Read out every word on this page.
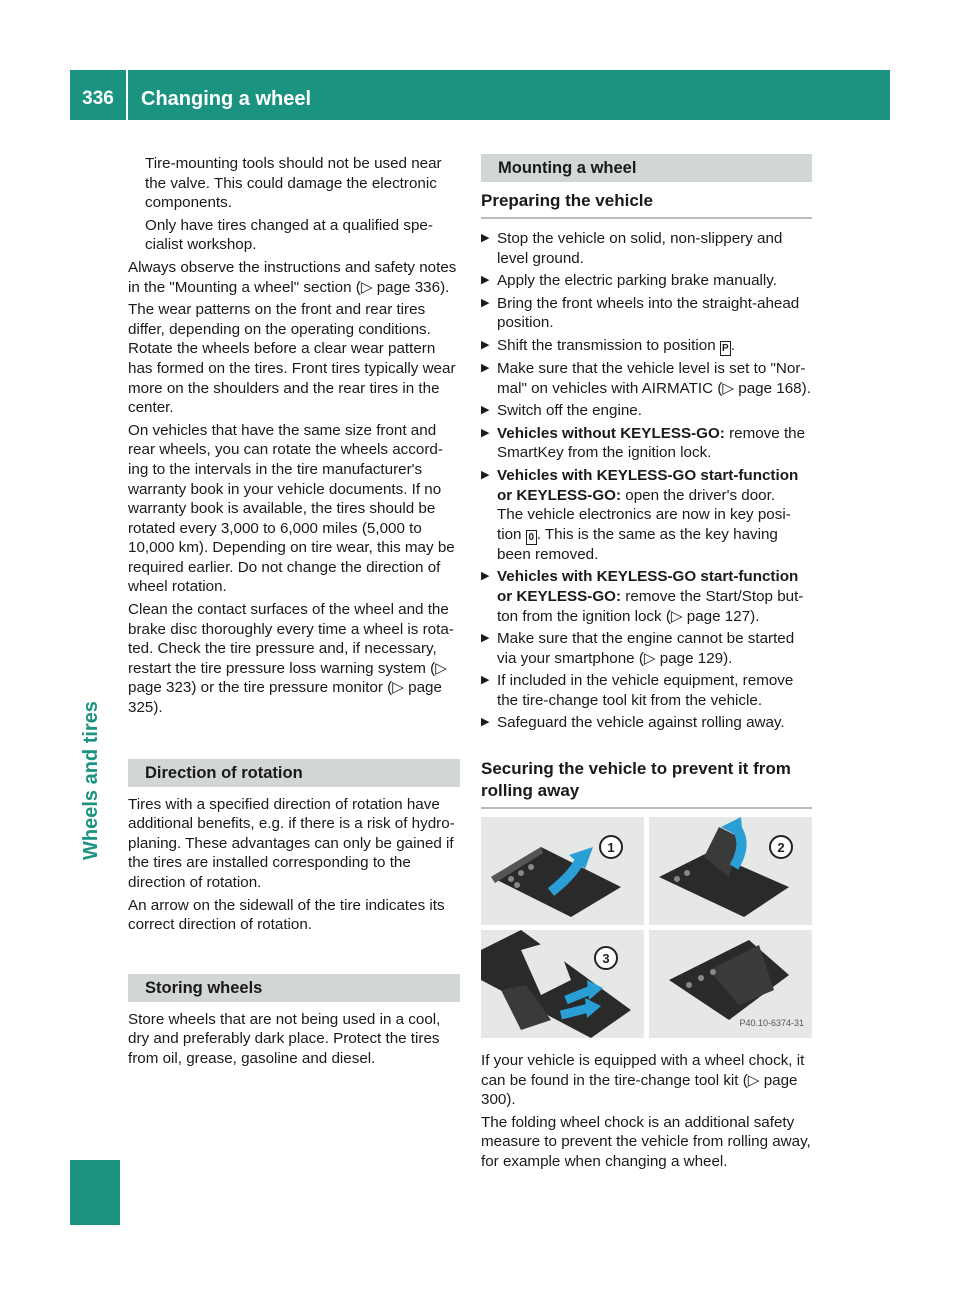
336	Changing a wheel
Wheels and tires

Tire-mounting tools should not be used near the valve. This could damage the electronic components.

Only have tires changed at a qualified spe-cialist workshop.

Always observe the instructions and safety notes in the "Mounting a wheel" section (▷ page 336).

The wear patterns on the front and rear tires differ, depending on the operating conditions. Rotate the wheels before a clear wear pattern has formed on the tires. Front tires typically wear more on the shoulders and the rear tires in the center.

On vehicles that have the same size front and rear wheels, you can rotate the wheels accord-ing to the intervals in the tire manufacturer's warranty book in your vehicle documents. If no warranty book is available, the tires should be rotated every 3,000 to 6,000 miles (5,000 to 10,000 km). Depending on tire wear, this may be required earlier. Do not change the direction of wheel rotation.

Clean the contact surfaces of the wheel and the brake disc thoroughly every time a wheel is rota-ted. Check the tire pressure and, if necessary, restart the tire pressure loss warning system (▷ page 323) or the tire pressure monitor (▷ page 325).

Direction of rotation

Tires with a specified direction of rotation have additional benefits, e.g. if there is a risk of hydro-planing. These advantages can only be gained if the tires are installed corresponding to the direction of rotation.

An arrow on the sidewall of the tire indicates its correct direction of rotation.

Storing wheels

Store wheels that are not being used in a cool, dry and preferably dark place. Protect the tires from oil, grease, gasoline and diesel.

Mounting a wheel
Preparing the vehicle
▶ Stop the vehicle on solid, non-slippery and level ground.
▶ Apply the electric parking brake manually.
▶ Bring the front wheels into the straight-ahead position.
▶ Shift the transmission to position P .
▶ Make sure that the vehicle level is set to "Nor-mal" on vehicles with AIRMATIC (▷ page 168).
▶ Switch off the engine.
▶ Vehicles without KEYLESS-GO: remove the SmartKey from the ignition lock.
▶ Vehicles with KEYLESS-GO start-function or KEYLESS-GO: open the driver's door.
The vehicle electronics are now in key posi-tion 0 . This is the same as the key having been removed.
▶ Vehicles with KEYLESS-GO start-function or KEYLESS-GO: remove the Start/Stop but-ton from the ignition lock (▷ page 127).
▶ Make sure that the engine cannot be started via your smartphone (▷ page 129).
▶ If included in the vehicle equipment, remove the tire-change tool kit from the vehicle.
▶ Safeguard the vehicle against rolling away.
Securing the vehicle to prevent it from rolling away
1	2
3
P40.10-6374-31

If your vehicle is equipped with a wheel chock, it can be found in the tire-change tool kit (▷ page 300).

The folding wheel chock is an additional safety measure to prevent the vehicle from rolling away, for example when changing a wheel.
